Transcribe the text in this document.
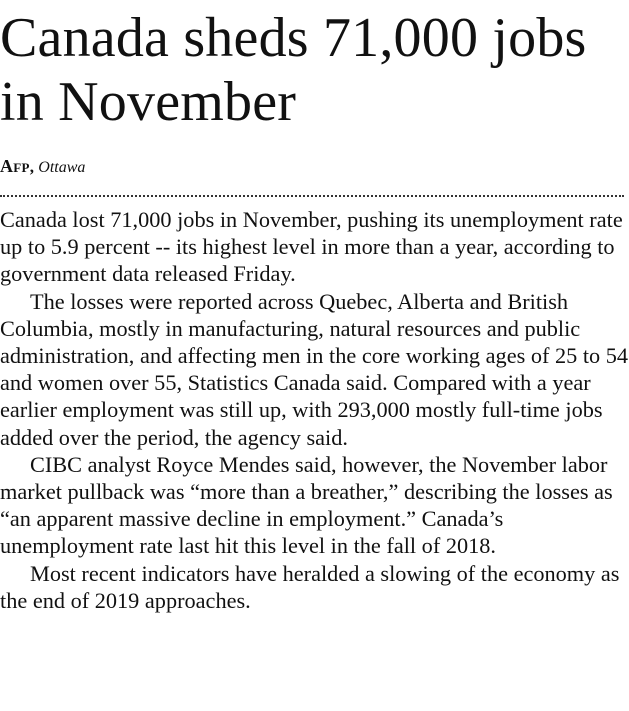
Canada sheds 71,000 jobs in November
Afp, Ottawa

Canada lost 71,000 jobs in November, pushing its unemployment rate up to 5.9 percent -- its highest level in more than a year, according to government data released Friday.

The losses were reported across Quebec, Alberta and British Columbia, mostly in manufacturing, natural resources and public administration, and affecting men in the core working ages of 25 to 54 and women over 55, Statistics Canada said. Compared with a year earlier employment was still up, with 293,000 mostly full-time jobs added over the period, the agency said.

CIBC analyst Royce Mendes said, however, the November labor market pullback was “more than a breather,” describing the losses as “an apparent massive decline in employment.” Canada’s unemployment rate last hit this level in the fall of 2018.

Most recent indicators have heralded a slowing of the economy as the end of 2019 approaches.
